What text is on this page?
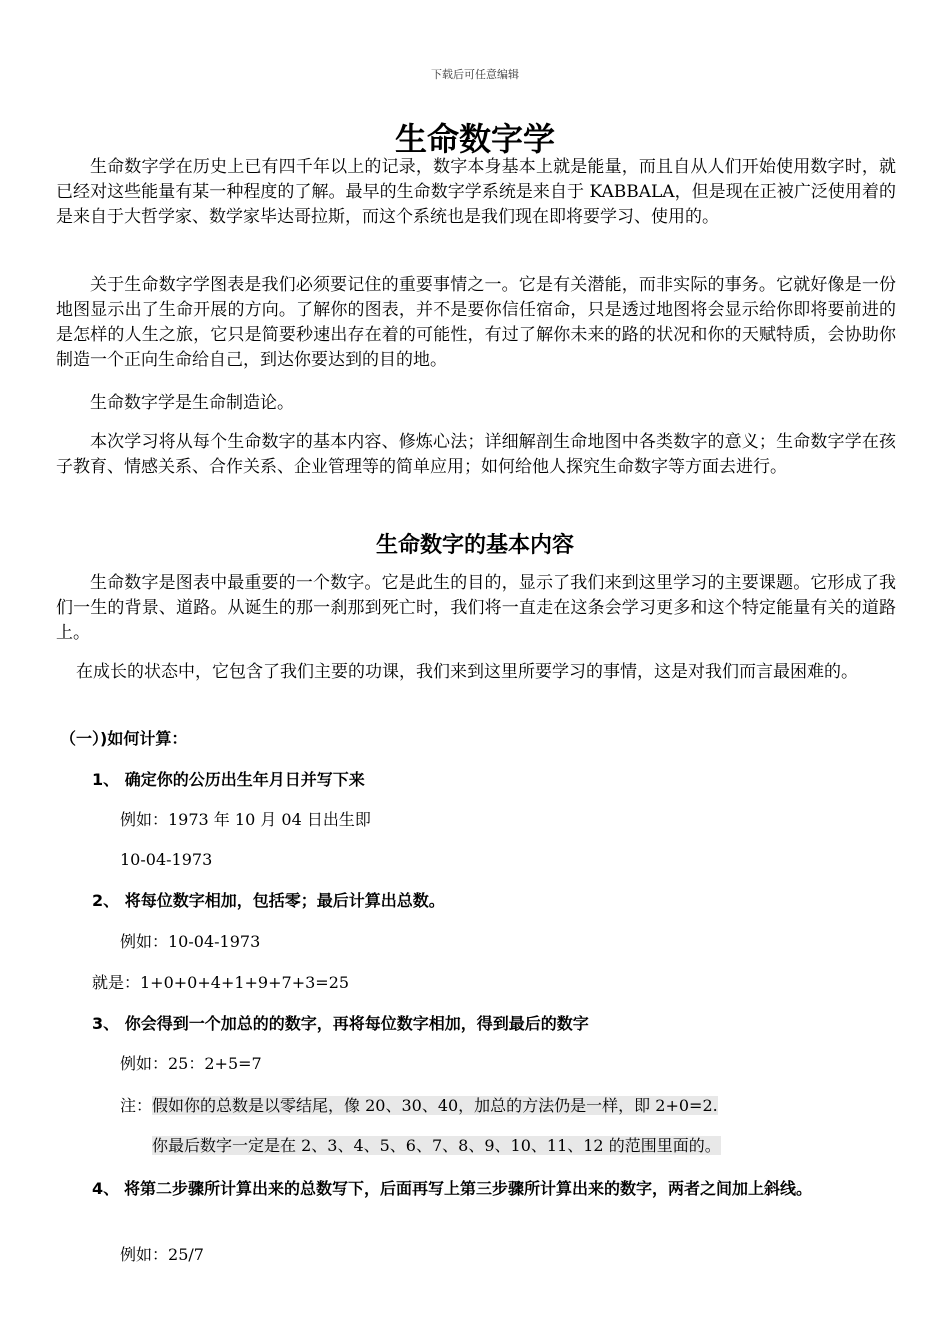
下载后可任意编辑
生命数字学

生命数字学在历史上已有四千年以上的记录，数字本身基本上就是能量，而且自从人们开始使用数字时，就已经对这些能量有某一种程度的了解。最早的生命数字学系统是来自于 KABBALA，但是现在正被广泛使用着的是来自于大哲学家、数学家毕达哥拉斯，而这个系统也是我们现在即将要学习、使用的。

关于生命数字学图表是我们必须要记住的重要事情之一。它是有关潜能，而非实际的事务。它就好像是一份地图显示出了生命开展的方向。了解你的图表，并不是要你信任宿命，只是透过地图将会显示给你即将要前进的是怎样的人生之旅，它只是简要秒速出存在着的可能性，有过了解你未来的路的状况和你的天赋特质，会协助你制造一个正向生命给自己，到达你要达到的目的地。

生命数字学是生命制造论。

本次学习将从每个生命数字的基本内容、修炼心法；详细解剖生命地图中各类数字的意义；生命数字学在孩子教育、情感关系、合作关系、企业管理等的简单应用；如何给他人探究生命数字等方面去进行。

生命数字的基本内容

生命数字是图表中最重要的一个数字。它是此生的目的，显示了我们来到这里学习的主要课题。它形成了我们一生的背景、道路。从诞生的那一刹那到死亡时，我们将一直走在这条会学习更多和这个特定能量有关的道路上。

在成长的状态中，它包含了我们主要的功课，我们来到这里所要学习的事情，这是对我们而言最困难的。

（一）)如何计算：
1、 确定你的公历出生年月日并写下来
例如：1973 年 10 月 04 日出生即
10-04-1973
2、 将每位数字相加，包括零；最后计算出总数。
例如：10-04-1973
就是：1+0+0+4+1+9+7+3=25
3、 你会得到一个加总的的数字，再将每位数字相加，得到最后的数字
例如：25：2+5=7
注：假如你的总数是以零结尾，像 20、30、40，加总的方法仍是一样，即 2+0=2.
你最后数字一定是在 2、3、4、5、6、7、8、9、10、11、12 的范围里面的。
4、 将第二步骤所计算出来的总数写下，后面再写上第三步骤所计算出来的数字，两者之间加上斜线。
例如：25/7
